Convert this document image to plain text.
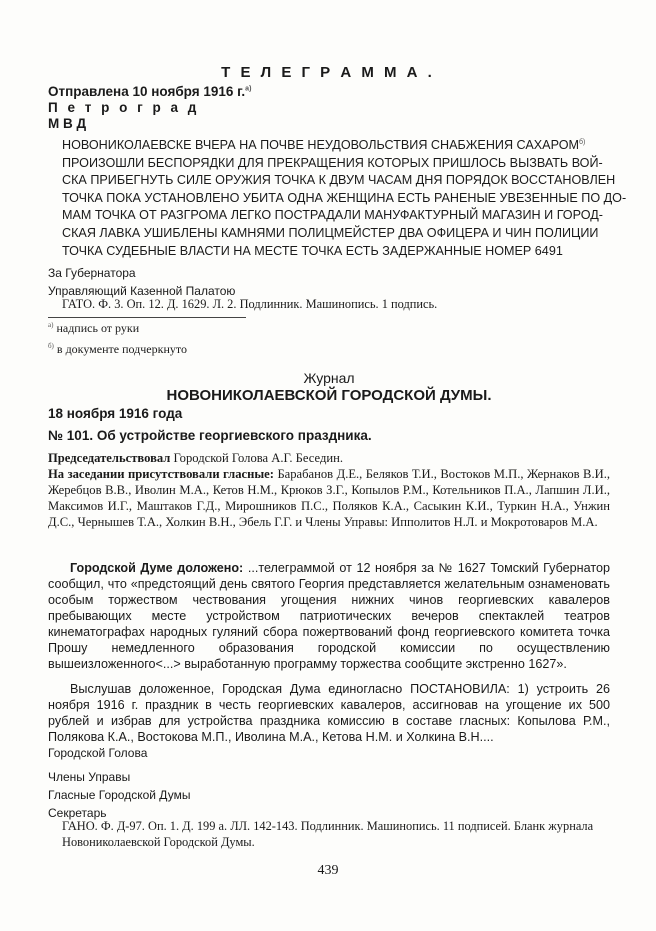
Т Е Л Е Г Р А М М А .

Отправлена 10 ноября 1916 г.$^{а)}$

П е т р о г р а д

М В Д

НОВОНИКОЛАЕВСКЕ ВЧЕРА НА ПОЧВЕ НЕУДОВОЛЬСТВИЯ СНАБЖЕНИЯ $САХАРОМ^{б)}$
ПРОИЗОШЛИ БЕСПОРЯДКИ ДЛЯ ПРЕКРАЩЕНИЯ КОТОРЫХ ПРИШЛОСЬ ВЫЗВАТЬ ВОЙ-
СКА ПРИБЕГНУТЬ СИЛЕ ОРУЖИЯ ТОЧКА К ДВУМ ЧАСАМ ДНЯ ПОРЯДОК ВОССТАНОВЛЕН
ТОЧКА ПОКА УСТАНОВЛЕНО УБИТА ОДНА ЖЕНЩИНА ЕСТЬ РАНЕНЫЕ УВЕЗЕННЫЕ ПО ДО-
МАМ ТОЧКА ОТ РАЗГРОМА ЛЕГКО ПОСТРАДАЛИ МАНУФАКТУРНЫЙ МАГАЗИН И ГОРОД-
СКАЯ ЛАВКА УШИБЛЕНЫ КАМНЯМИ ПОЛИЦМЕЙСТЕР ДВА ОФИЦЕРА И ЧИН ПОЛИЦИИ
ТОЧКА СУДЕБНЫЕ ВЛАСТИ НА МЕСТЕ ТОЧКА ЕСТЬ ЗАДЕРЖАННЫЕ НОМЕР 6491

За Губернатора

Управляющий Казенной Палатою

ГАТО. Ф. 3. Оп. 12. Д. 1629. Л. 2. Подлинник. Машинопись. 1 подпись.

$^{а)}$ надпись от руки

$^{б)}$ в документе подчеркнуто

Журнал

НОВОНИКОЛАЕВСКОЙ ГОРОДСКОЙ ДУМЫ.

18 ноября 1916 года

№ 101. Об устройстве георгиевского праздника.

Председательствовал Городской Голова А.Г. Беседин.

На заседании присутствовали гласные: Барабанов Д.Е., Беляков Т.И., Востоков М.П., Жернаков В.И., Жеребцов В.В., Иволин М.А., Кетов Н.М., Крюков З.Г., Копылов Р.М., Котельников П.А., Лапшин Л.И., Максимов И.Г., Маштаков Г.Д., Мирошников П.С., Поляков К.А., Сасыкин К.И., Туркин Н.А., Унжин Д.С., Чернышев Т.А., Холкин В.Н., Эбель Г.Г. и Члены Управы: Ипполитов Н.Л. и Мокротоваров М.А.

Городской Думе доложено: ...телеграммой от 12 ноября за № 1627 Томский Губернатор сообщил, что «предстоящий день святого Георгия представляется желательным ознаменовать особым торжеством чествования угощения нижних чинов георгиевских кавалеров пребывающих месте устройством патриотических вечеров спектаклей театров кинематографах народных гуляний сбора пожертвований фонд георгиевского комитета точка Прошу немедленного образования городской комиссии по осуществлению вышеизложенного<...> выработанную программу торжества сообщите экстренно 1627».

Выслушав доложенное, Городская Дума единогласно ПОСТАНОВИЛА: 1) устроить 26 ноября 1916 г. праздник в честь георгиевских кавалеров, ассигновав на угощение их 500 рублей и избрав для устройства праздника комиссию в составе гласных: Копылова Р.М., Полякова К.А., Востокова М.П., Иволина М.А., Кетова Н.М. и Холкина В.Н....

Городской Голова

Члены Управы

Гласные Городской Думы

Секретарь

ГАНО. Ф. Д-97. Оп. 1. Д. 199 а. ЛЛ. 142-143. Подлинник. Машинопись. 11 подписей. Бланк журнала Новониколаевской Городской Думы.
439
